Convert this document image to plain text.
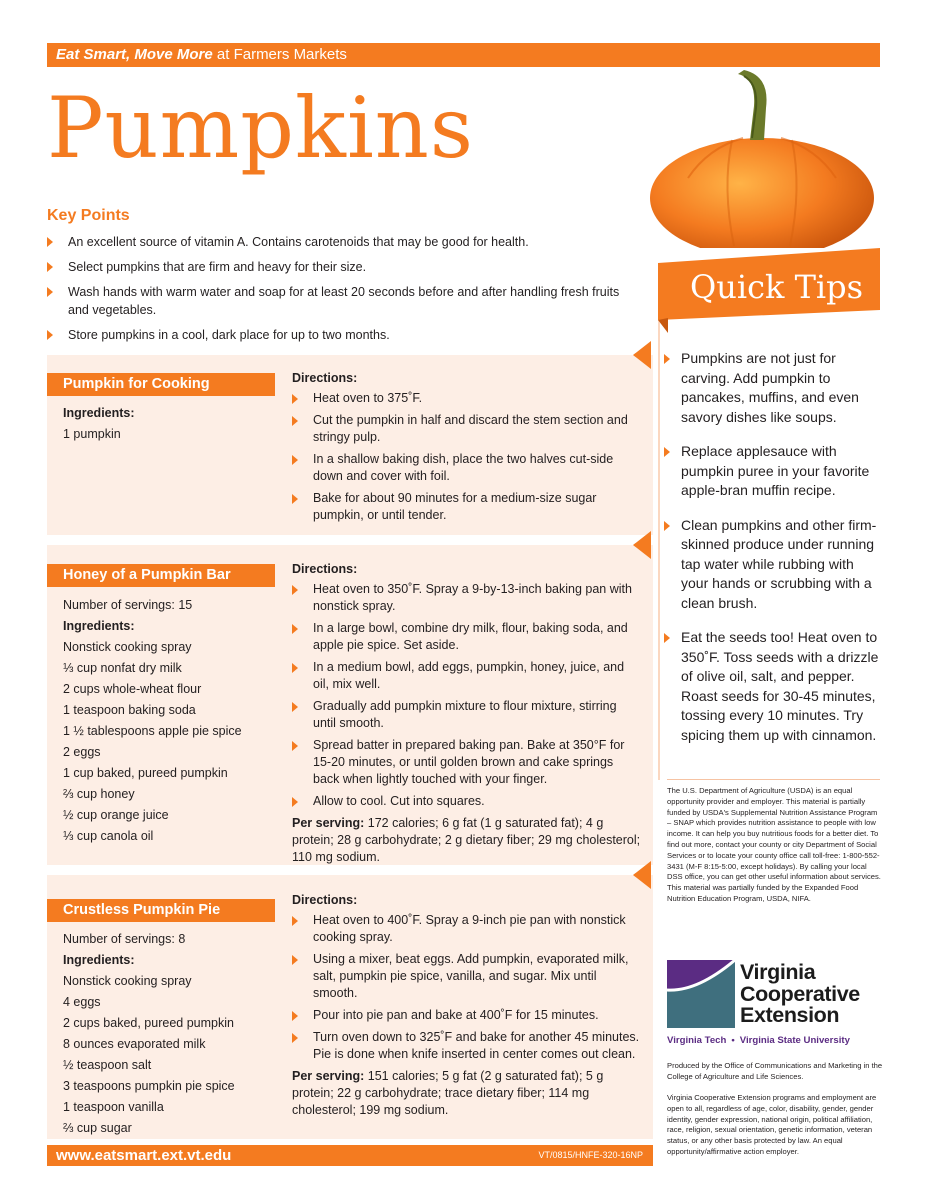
Eat Smart, Move More at Farmers Markets
Pumpkins
Key Points
An excellent source of vitamin A. Contains carotenoids that may be good for health.
Select pumpkins that are firm and heavy for their size.
Wash hands with warm water and soap for at least 20 seconds before and after handling fresh fruits and vegetables.
Store pumpkins in a cool, dark place for up to two months.
Pumpkin for Cooking
Ingredients:
1 pumpkin
Directions:
Heat oven to 375˚F.
Cut the pumpkin in half and discard the stem section and stringy pulp.
In a shallow baking dish, place the two halves cut-side down and cover with foil.
Bake for about 90 minutes for a medium-size sugar pumpkin, or until tender.
Honey of a Pumpkin Bar
Number of servings: 15
Ingredients:
Nonstick cooking spray
⅓ cup nonfat dry milk
2 cups whole-wheat flour
1 teaspoon baking soda
1 ½ tablespoons apple pie spice
2 eggs
1 cup baked, pureed pumpkin
⅔ cup honey
½ cup orange juice
⅓ cup canola oil
Directions:
Heat oven to 350˚F. Spray a 9-by-13-inch baking pan with nonstick spray.
In a large bowl, combine dry milk, flour, baking soda, and apple pie spice. Set aside.
In a medium bowl, add eggs, pumpkin, honey, juice, and oil, mix well.
Gradually add pumpkin mixture to flour mixture, stirring until smooth.
Spread batter in prepared baking pan. Bake at 350°F for 15-20 minutes, or until golden brown and cake springs back when lightly touched with your finger.
Allow to cool. Cut into squares.
Per serving: 172 calories; 6 g fat (1 g saturated fat); 4 g protein; 28 g carbohydrate; 2 g dietary fiber; 29 mg cholesterol; 110 mg sodium.
Crustless Pumpkin Pie
Number of servings: 8
Ingredients:
Nonstick cooking spray
4 eggs
2 cups baked, pureed pumpkin
8 ounces evaporated milk
½ teaspoon salt
3 teaspoons pumpkin pie spice
1 teaspoon vanilla
⅔ cup sugar
Directions:
Heat oven to 400˚F. Spray a 9-inch pie pan with nonstick cooking spray.
Using a mixer, beat eggs. Add pumpkin, evaporated milk, salt, pumpkin pie spice, vanilla, and sugar. Mix until smooth.
Pour into pie pan and bake at 400˚F for 15 minutes.
Turn oven down to 325˚F and bake for another 45 minutes. Pie is done when knife inserted in center comes out clean.
Per serving: 151 calories; 5 g fat (2 g saturated fat); 5 g protein; 22 g carbohydrate; trace dietary fiber; 114 mg cholesterol; 199 mg sodium.
www.eatsmart.ext.vt.edu	VT/0815/HNFE-320-16NP
Quick Tips
Pumpkins are not just for carving. Add pumpkin to pancakes, muffins, and even savory dishes like soups.
Replace applesauce with pumpkin puree in your favorite apple-bran muffin recipe.
Clean pumpkins and other firm-skinned produce under running tap water while rubbing with your hands or scrubbing with a clean brush.
Eat the seeds too! Heat oven to 350˚F. Toss seeds with a drizzle of olive oil, salt, and pepper. Roast seeds for 30-45 minutes, tossing every 10 minutes. Try spicing them up with cinnamon.
The U.S. Department of Agriculture (USDA) is an equal opportunity provider and employer. This material is partially funded by USDA's Supplemental Nutrition Assistance Program – SNAP which provides nutrition assistance to people with low income. It can help you buy nutritious foods for a better diet. To find out more, contact your county or city Department of Social Services or to locate your county office call toll-free: 1-800-552-3431 (M-F 8:15-5:00, except holidays). By calling your local DSS office, you can get other useful information about services. This material was partially funded by the Expanded Food Nutrition Education Program, USDA, NIFA.
Virginia
Cooperative
Extension
Virginia Tech • Virginia State University
Produced by the Office of Communications and Marketing in the College of Agriculture and Life Sciences.
Virginia Cooperative Extension programs and employment are open to all, regardless of age, color, disability, gender, gender identity, gender expression, national origin, political affiliation, race, religion, sexual orientation, genetic information, veteran status, or any other basis protected by law. An equal opportunity/affirmative action employer.
